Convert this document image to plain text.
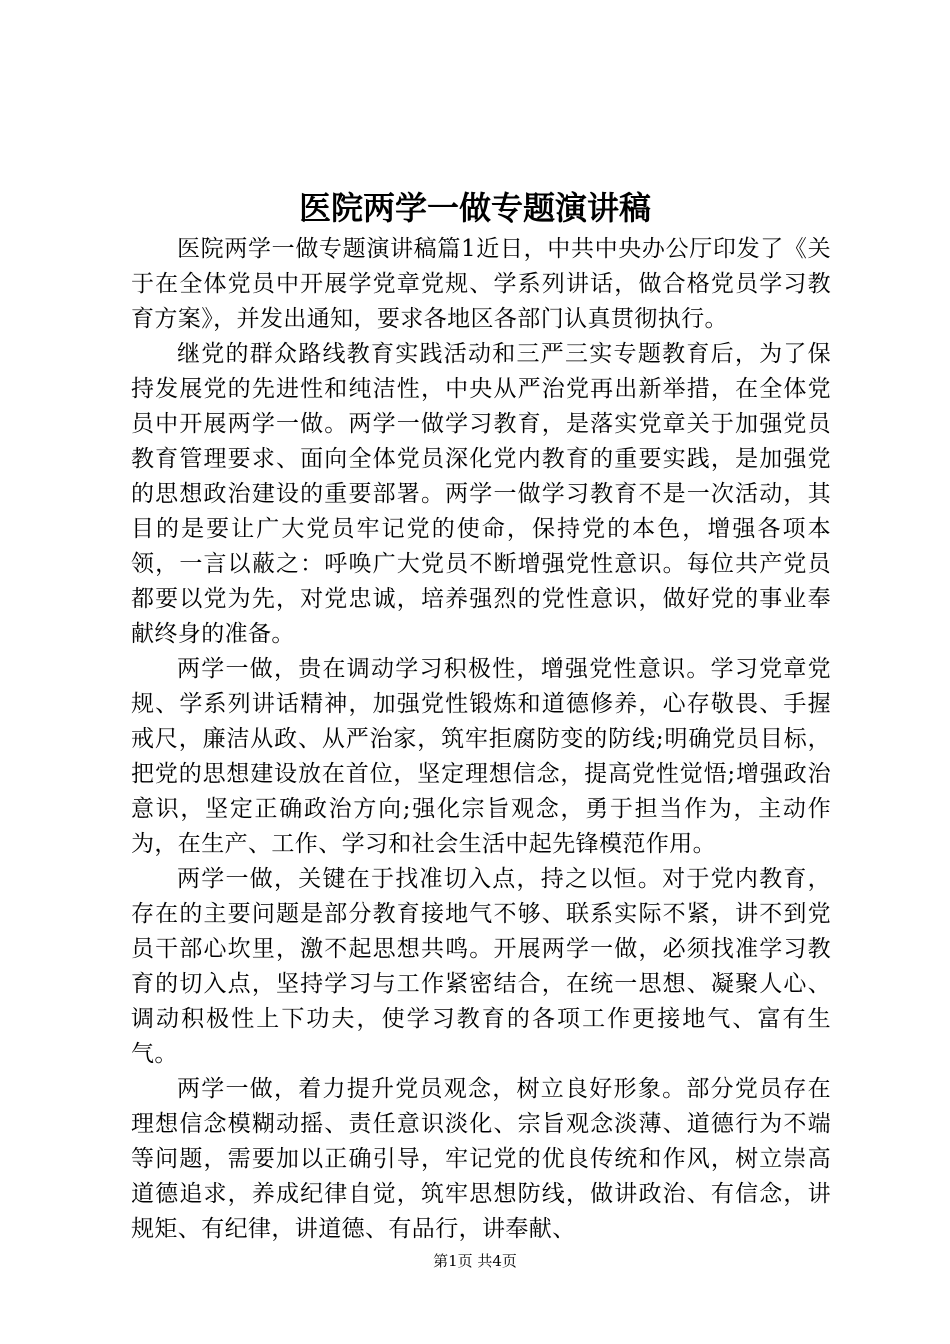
医院两学一做专题演讲稿

医院两学一做专题演讲稿篇1近日，中共中央办公厅印发了《关于在全体党员中开展学党章党规、学系列讲话，做合格党员学习教育方案》，并发出通知，要求各地区各部门认真贯彻执行。

继党的群众路线教育实践活动和三严三实专题教育后，为了保持发展党的先进性和纯洁性，中央从严治党再出新举措，在全体党员中开展两学一做。两学一做学习教育，是落实党章关于加强党员教育管理要求、面向全体党员深化党内教育的重要实践，是加强党的思想政治建设的重要部署。两学一做学习教育不是一次活动，其目的是要让广大党员牢记党的使命，保持党的本色，增强各项本领，一言以蔽之：呼唤广大党员不断增强党性意识。每位共产党员都要以党为先，对党忠诚，培养强烈的党性意识，做好党的事业奉献终身的准备。

两学一做，贵在调动学习积极性，增强党性意识。学习党章党规、学系列讲话精神，加强党性锻炼和道德修养，心存敬畏、手握戒尺，廉洁从政、从严治家，筑牢拒腐防变的防线;明确党员目标，把党的思想建设放在首位，坚定理想信念，提高党性觉悟;增强政治意识，坚定正确政治方向;强化宗旨观念，勇于担当作为，主动作为，在生产、工作、学习和社会生活中起先锋模范作用。

两学一做，关键在于找准切入点，持之以恒。对于党内教育，存在的主要问题是部分教育接地气不够、联系实际不紧，讲不到党员干部心坎里，激不起思想共鸣。开展两学一做，必须找准学习教育的切入点，坚持学习与工作紧密结合，在统一思想、凝聚人心、调动积极性上下功夫，使学习教育的各项工作更接地气、富有生气。

两学一做，着力提升党员观念，树立良好形象。部分党员存在理想信念模糊动摇、责任意识淡化、宗旨观念淡薄、道德行为不端等问题，需要加以正确引导，牢记党的优良传统和作风，树立崇高道德追求，养成纪律自觉，筑牢思想防线，做讲政治、有信念，讲规矩、有纪律，讲道德、有品行，讲奉献、

第1页 共4页
